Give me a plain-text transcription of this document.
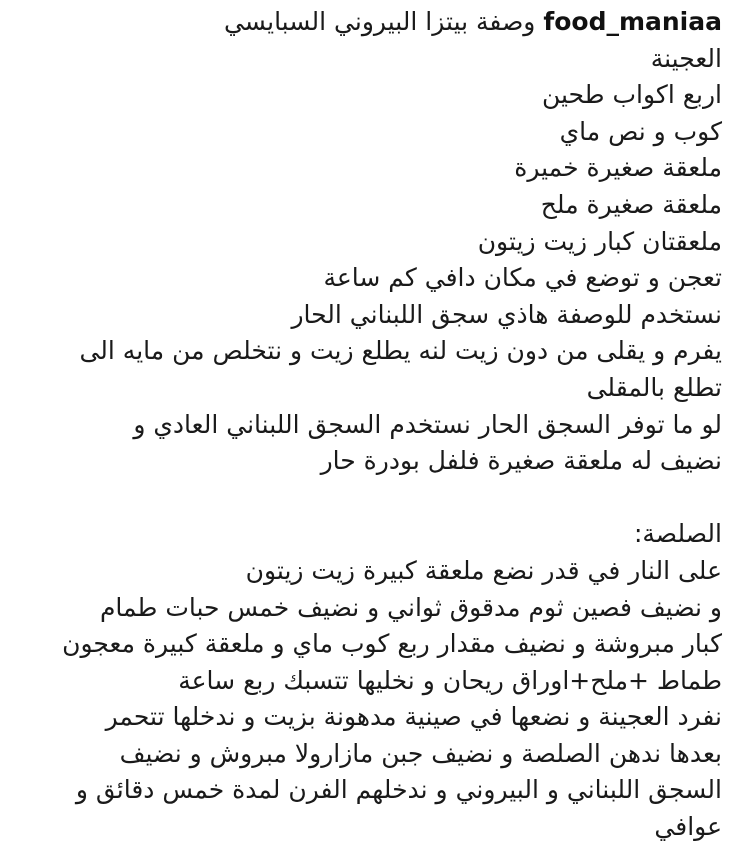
food_maniaa وصفة بيتزا البيروني السبايسي
العجينة
اربع اكواب طحين
كوب و نص ماي
ملعقة صغيرة خميرة
ملعقة صغيرة ملح
ملعقتان كبار زيت زيتون
تعجن و توضع في مكان دافي كم ساعة
نستخدم للوصفة هاذي سجق اللبناني الحار
يفرم و يقلى من دون زيت لنه يطلع زيت و نتخلص من مايه الى
تطلع بالمقلى
لو ما توفر السجق الحار نستخدم السجق اللبناني العادي و
نضيف له ملعقة صغيرة فلفل بودرة حار
الصلصة:
على النار في قدر نضع ملعقة كبيرة زيت زيتون
و نضيف فصين ثوم مدقوق ثواني و نضيف خمس حبات طمام
كبار مبروشة و نضيف مقدار ربع كوب ماي و ملعقة كبيرة معجون
طماط +ملح+اوراق ريحان و نخليها تتسبك ربع ساعة
نفرد العجينة و نضعها في صينية مدهونة بزيت و ندخلها تتحمر
بعدها ندهن الصلصة و نضيف جبن مازارولا مبروش و نضيف
السجق اللبناني و البيروني و ندخلهم الفرن لمدة خمس دقائق و
عوافي
